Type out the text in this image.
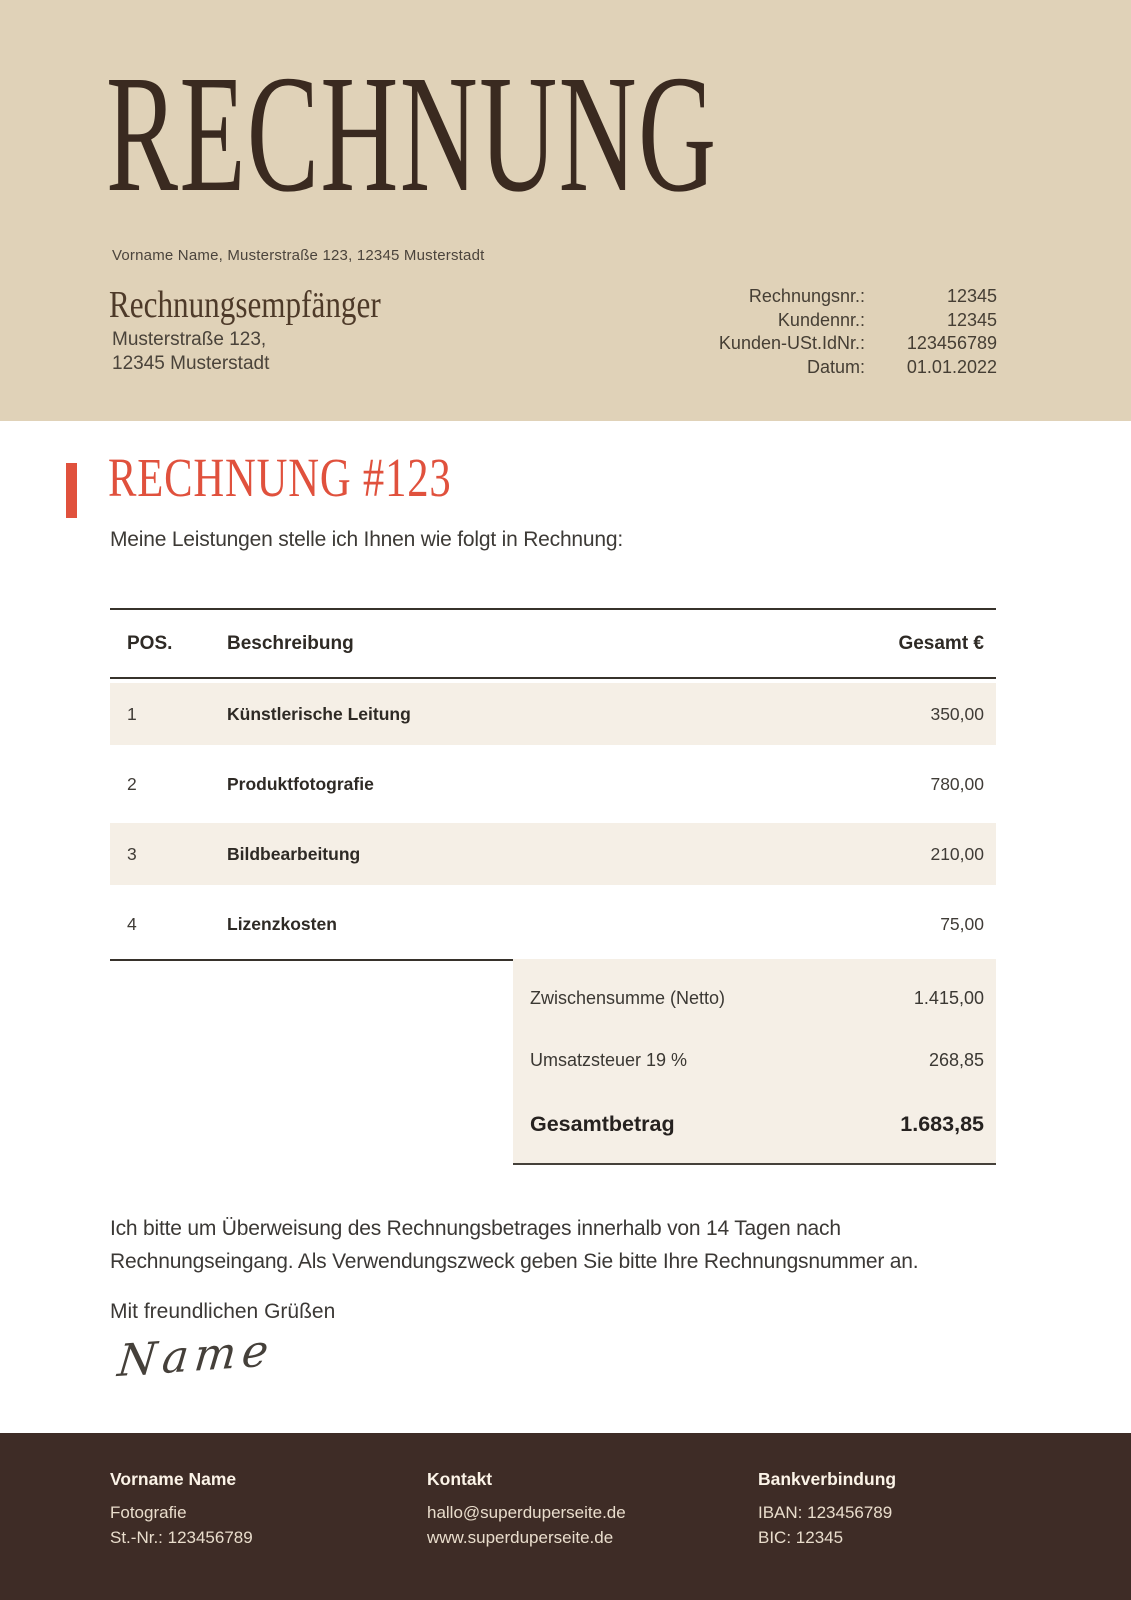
RECHNUNG
Vorname Name, Musterstraße 123, 12345 Musterstadt
Rechnungsempfänger
Musterstraße 123,
12345 Musterstadt
Rechnungsnr.:	12345
Kundennr.:	12345
Kunden-USt.IdNr.:	123456789
Datum:	01.01.2022
RECHNUNG #123

Meine Leistungen stelle ich Ihnen wie folgt in Rechnung:

POS.	Beschreibung	Gesamt €
1	Künstlerische Leitung	350,00
2	Produktfotografie	780,00
3	Bildbearbeitung	210,00
4	Lizenzkosten	75,00
Zwischensumme (Netto)	1.415,00
Umsatzsteuer 19 %	268,85
Gesamtbetrag	1.683,85

Ich bitte um Überweisung des Rechnungsbetrages innerhalb von 14 Tagen nach Rechnungseingang. Als Verwendungszweck geben Sie bitte Ihre Rechnungsnummer an.

Mit freundlichen Grüßen

Name

Vorname Name

Fotografie
St.-Nr.: 123456789

Kontakt

hallo@superduperseite.de
www.superduperseite.de

Bankverbindung

IBAN: 123456789
BIC: 12345
